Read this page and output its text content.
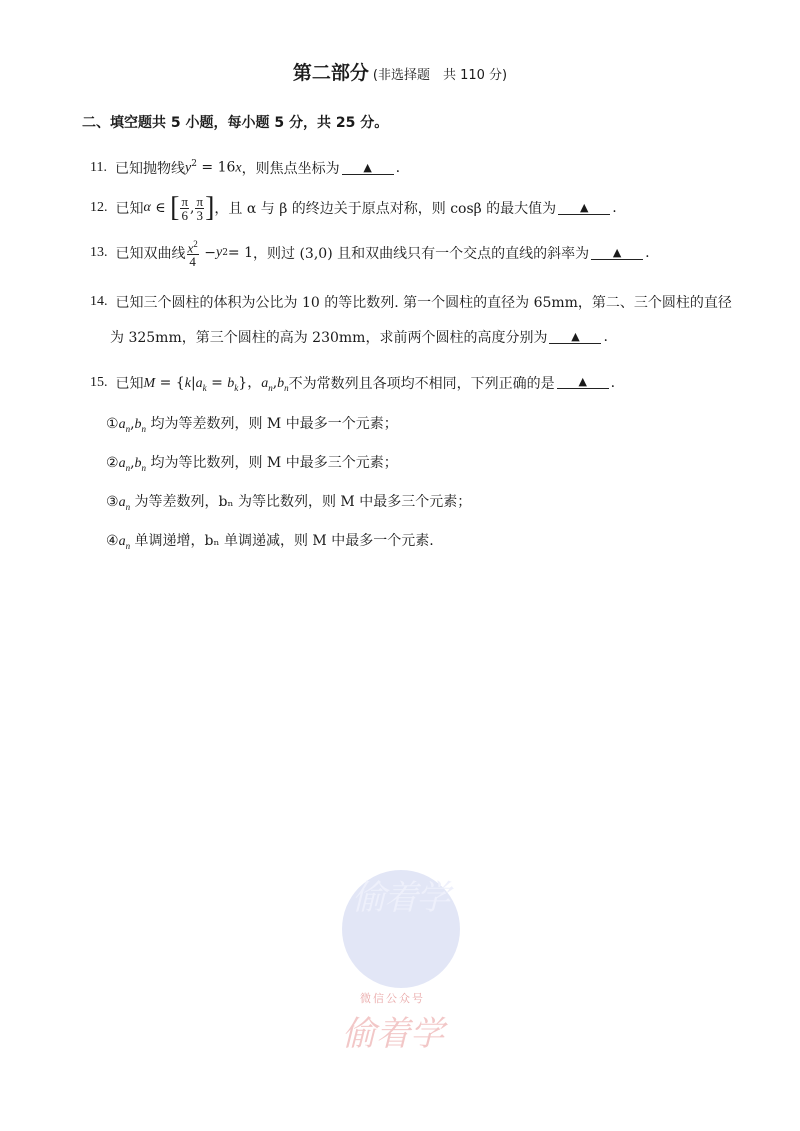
第二部分 (非选择题　共 110 分)
二、填空题共 5 小题，每小题 5 分，共 25 分。
11. 已知抛物线 $y^2 = 16x$ ，则焦点坐标为	▲	.
12. 已知 α ∈ [ $\frac{\pi}{6}$ , $\frac{\pi}{3}$ ] ，且 α 与 β 的终边关于原点对称，则 cosβ 的最大值为	▲	.
13. 已知双曲线 $\frac{x^2}{4} - y$ 2 = 1 ，则过 (3,0) 且和双曲线只有一个交点的直线的斜率为	▲	.
14. 已知三个圆柱的体积为公比为 10 的等比数列. 第一个圆柱的直径为 65mm，第二、三个圆柱的直径
为 325mm，第三个圆柱的高为 230mm，求前两个圆柱的高度分别为	▲	.
15. 已知 $M = \{k|a_k = b_k\}$，$a_n,b_n$ 不为常数列且各项均不相同，下列正确的是	▲	.
$①a_n,b_n$ 均为等差数列，则 M 中最多一个元素；
$②a_n,b_n$ 均为等比数列，则 M 中最多三个元素；
$③a_n$ 为等差数列，bₙ 为等比数列，则 M 中最多三个元素；
$④a_n$ 单调递增，bₙ 单调递减，则 M 中最多一个元素.
偷着学
微信公众号
偷着学
